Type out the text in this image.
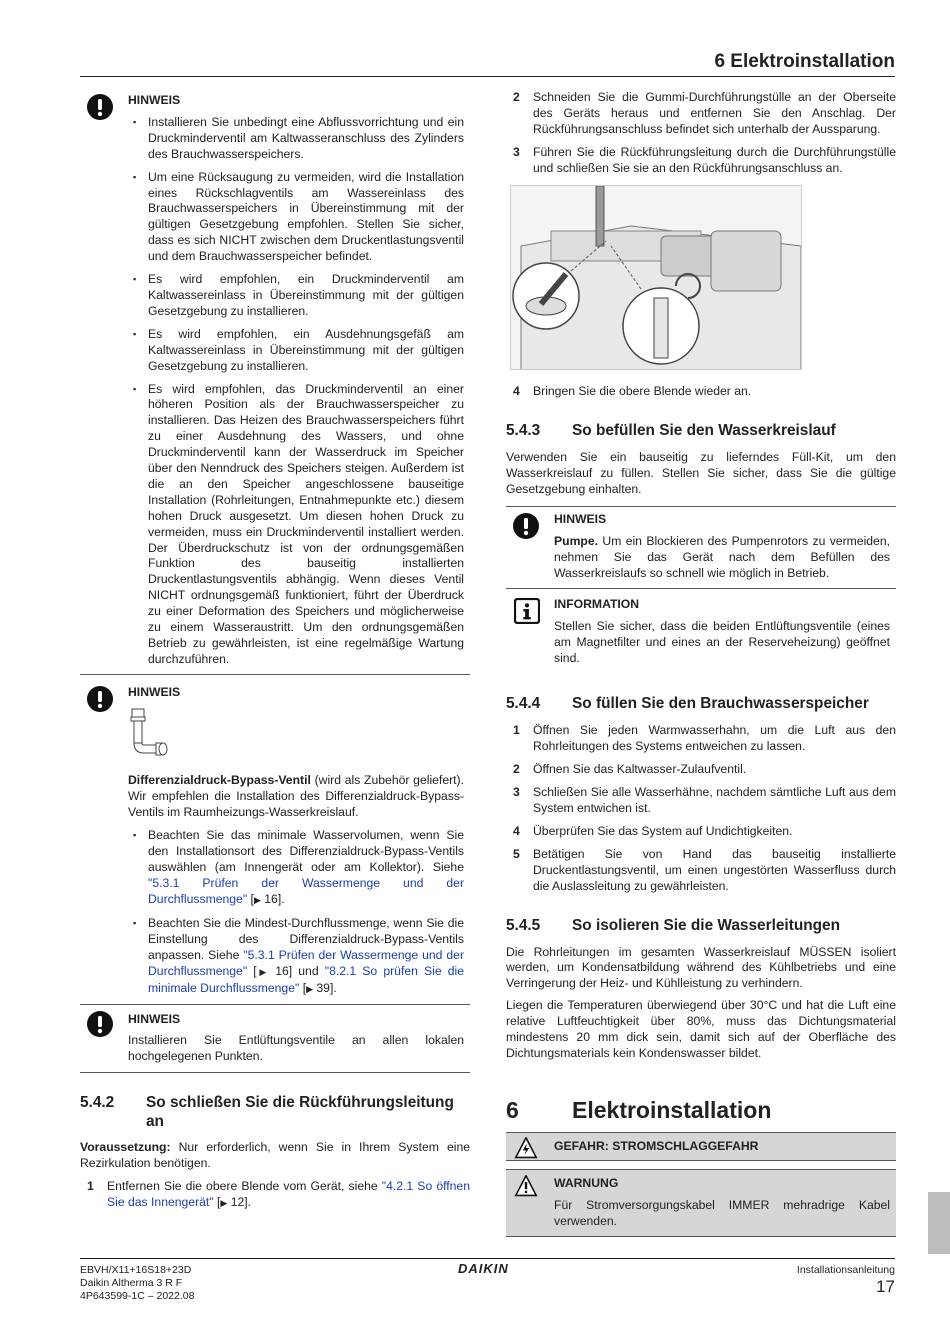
6 Elektroinstallation
HINWEIS
▪ Installieren Sie unbedingt eine Abflussvorrichtung und ein Druckminderventil am Kaltwasseranschluss des Zylinders des Brauchwasserspeichers.
▪ Um eine Rücksaugung zu vermeiden, wird die Installation eines Rückschlagventils am Wassereinlass des Brauchwasserspeichers in Übereinstimmung mit der gültigen Gesetzgebung empfohlen. Stellen Sie sicher, dass es sich NICHT zwischen dem Druckentlastungsventil und dem Brauchwasserspeicher befindet.
▪ Es wird empfohlen, ein Druckminderventil am Kaltwassereinlass in Übereinstimmung mit der gültigen Gesetzgebung zu installieren.
▪ Es wird empfohlen, ein Ausdehnungsgefäß am Kaltwassereinlass in Übereinstimmung mit der gültigen Gesetzgebung zu installieren.
▪ Es wird empfohlen, das Druckminderventil an einer höheren Position als der Brauchwasserspeicher zu installieren. Das Heizen des Brauchwasserspeichers führt zu einer Ausdehnung des Wassers, und ohne Druckminderventil kann der Wasserdruck im Speicher über den Nenndruck des Speichers steigen. Außerdem ist die an den Speicher angeschlossene bauseitige Installation (Rohrleitungen, Entnahmepunkte etc.) diesem hohen Druck ausgesetzt. Um diesen hohen Druck zu vermeiden, muss ein Druckminderventil installiert werden. Der Überdruckschutz ist von der ordnungsgemäßen Funktion des bauseitig installierten Druckentlastungsventils abhängig. Wenn dieses Ventil NICHT ordnungsgemäß funktioniert, führt der Überdruck zu einer Deformation des Speichers und möglicherweise zu einem Wasseraustritt. Um den ordnungsgemäßen Betrieb zu gewährleisten, ist eine regelmäßige Wartung durchzuführen.
HINWEIS

Differenzialdruck-Bypass-Ventil (wird als Zubehör geliefert). Wir empfehlen die Installation des Differenzialdruck-Bypass-Ventils im Raumheizungs-Wasserkreislauf.

▪ Beachten Sie das minimale Wasservolumen, wenn Sie den Installationsort des Differenzialdruck-Bypass-Ventils auswählen (am Innengerät oder am Kollektor). Siehe "5.3.1 Prüfen der Wassermenge und der Durchflussmenge" [▶ 16].
▪ Beachten Sie die Mindest-Durchflussmenge, wenn Sie die Einstellung des Differenzialdruck-Bypass-Ventils anpassen. Siehe "5.3.1 Prüfen der Wassermenge und der Durchflussmenge" [▶ 16] und "8.2.1 So prüfen Sie die minimale Durchflussmenge" [▶ 39].
HINWEIS

Installieren Sie Entlüftungsventile an allen lokalen hochgelegenen Punkten.

5.4.2 So schließen Sie die Rückführungsleitung an

Voraussetzung: Nur erforderlich, wenn Sie in Ihrem System eine Rezirkulation benötigen.

1 Entfernen Sie die obere Blende vom Gerät, siehe "4.2.1 So öffnen Sie das Innengerät" [▶ 12].
2 Schneiden Sie die Gummi-Durchführungstülle an der Oberseite des Geräts heraus und entfernen Sie den Anschlag. Der Rückführungsanschluss befindet sich unterhalb der Aussparung.
3 Führen Sie die Rückführungsleitung durch die Durchführungstülle und schließen Sie sie an den Rückführungsanschluss an.
4 Bringen Sie die obere Blende wieder an.
5.4.3 So befüllen Sie den Wasserkreislauf

Verwenden Sie ein bauseitig zu lieferndes Füll-Kit, um den Wasserkreislauf zu füllen. Stellen Sie sicher, dass Sie die gültige Gesetzgebung einhalten.

HINWEIS

Pumpe. Um ein Blockieren des Pumpenrotors zu vermeiden, nehmen Sie das Gerät nach dem Befüllen des Wasserkreislaufs so schnell wie möglich in Betrieb.

INFORMATION

Stellen Sie sicher, dass die beiden Entlüftungsventile (eines am Magnetfilter und eines an der Reserveheizung) geöffnet sind.

5.4.4 So füllen Sie den Brauchwasserspeicher
1 Öffnen Sie jeden Warmwasserhahn, um die Luft aus den Rohrleitungen des Systems entweichen zu lassen.
2 Öffnen Sie das Kaltwasser-Zulaufventil.
3 Schließen Sie alle Wasserhähne, nachdem sämtliche Luft aus dem System entwichen ist.
4 Überprüfen Sie das System auf Undichtigkeiten.
5 Betätigen Sie von Hand das bauseitig installierte Druckentlastungsventil, um einen ungestörten Wasserfluss durch die Auslassleitung zu gewährleisten.
5.4.5 So isolieren Sie die Wasserleitungen

Die Rohrleitungen im gesamten Wasserkreislauf MÜSSEN isoliert werden, um Kondensatbildung während des Kühlbetriebs und eine Verringerung der Heiz- und Kühlleistung zu verhindern.

Liegen die Temperaturen überwiegend über 30°C und hat die Luft eine relative Luftfeuchtigkeit über 80%, muss das Dichtungsmaterial mindestens 20 mm dick sein, damit sich auf der Oberfläche des Dichtungsmaterials kein Kondenswasser bildet.

6 Elektroinstallation
GEFAHR: STROMSCHLAGGEFAHR
WARNUNG

Für Stromversorgungskabel IMMER mehradrige Kabel verwenden.

EBVH/X11+16S18+23D
Daikin Altherma 3 R F
4P643599-1C – 2022.08
DAIKIN	Installationsanleitung
17
